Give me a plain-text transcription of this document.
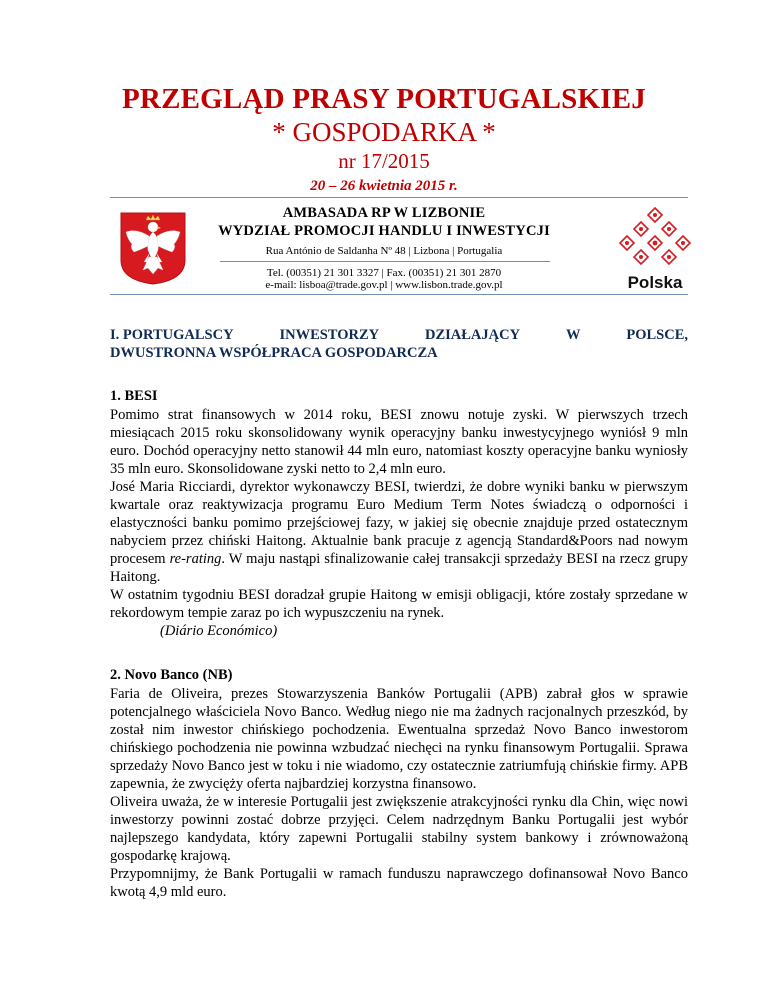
PRZEGLĄD PRASY PORTUGALSKIEJ
* GOSPODARKA *
nr 17/2015
20 – 26 kwietnia 2015 r.
AMBASADA RP W LIZBONIE
WYDZIAŁ PROMOCJI HANDLU I INWESTYCJI
Rua António de Saldanha Nº 48 | Lizbona | Portugalia
Tel. (00351) 21 301 3327 | Fax. (00351) 21 301 2870
e-mail: lisboa@trade.gov.pl | www.lisbon.trade.gov.pl	Polska
I. PORTUGALSCY	INWESTORZY	DZIAŁAJĄCY	W	POLSCE,
DWUSTRONNA WSPÓŁPRACA GOSPODARCZA
1. BESI

Pomimo strat finansowych w 2014 roku, BESI znowu notuje zyski. W pierwszych trzech miesiącach 2015 roku skonsolidowany wynik operacyjny banku inwestycyjnego wyniósł 9 mln euro. Dochód operacyjny netto stanowił 44 mln euro, natomiast koszty operacyjne banku wyniosły 35 mln euro. Skonsolidowane zyski netto to 2,4 mln euro.

José Maria Ricciardi, dyrektor wykonawczy BESI, twierdzi, że dobre wyniki banku w pierwszym kwartale oraz reaktywizacja programu Euro Medium Term Notes świadczą o odporności i elastyczności banku pomimo przejściowej fazy, w jakiej się obecnie znajduje przed ostatecznym nabyciem przez chiński Haitong. Aktualnie bank pracuje z agencją Standard&Poors nad nowym procesem re-rating. W maju nastąpi sfinalizowanie całej transakcji sprzedaży BESI na rzecz grupy Haitong.

W ostatnim tygodniu BESI doradzał grupie Haitong w emisji obligacji, które zostały sprzedane w rekordowym tempie zaraz po ich wypuszczeniu na rynek.

(Diário Económico)

2. Novo Banco (NB)

Faria de Oliveira, prezes Stowarzyszenia Banków Portugalii (APB) zabrał głos w sprawie potencjalnego właściciela Novo Banco. Według niego nie ma żadnych racjonalnych przeszkód, by został nim inwestor chińskiego pochodzenia. Ewentualna sprzedaż Novo Banco inwestorom chińskiego pochodzenia nie powinna wzbudzać niechęci na rynku finansowym Portugalii. Sprawa sprzedaży Novo Banco jest w toku i nie wiadomo, czy ostatecznie zatriumfują chińskie firmy. APB zapewnia, że zwycięży oferta najbardziej korzystna finansowo.

Oliveira uważa, że w interesie Portugalii jest zwiększenie atrakcyjności rynku dla Chin, więc nowi inwestorzy powinni zostać dobrze przyjęci. Celem nadrzędnym Banku Portugalii jest wybór najlepszego kandydata, który zapewni Portugalii stabilny system bankowy i zrównoważoną gospodarkę krajową.

Przypomnijmy, że Bank Portugalii w ramach funduszu naprawczego dofinansował Novo Banco kwotą 4,9 mld euro.
